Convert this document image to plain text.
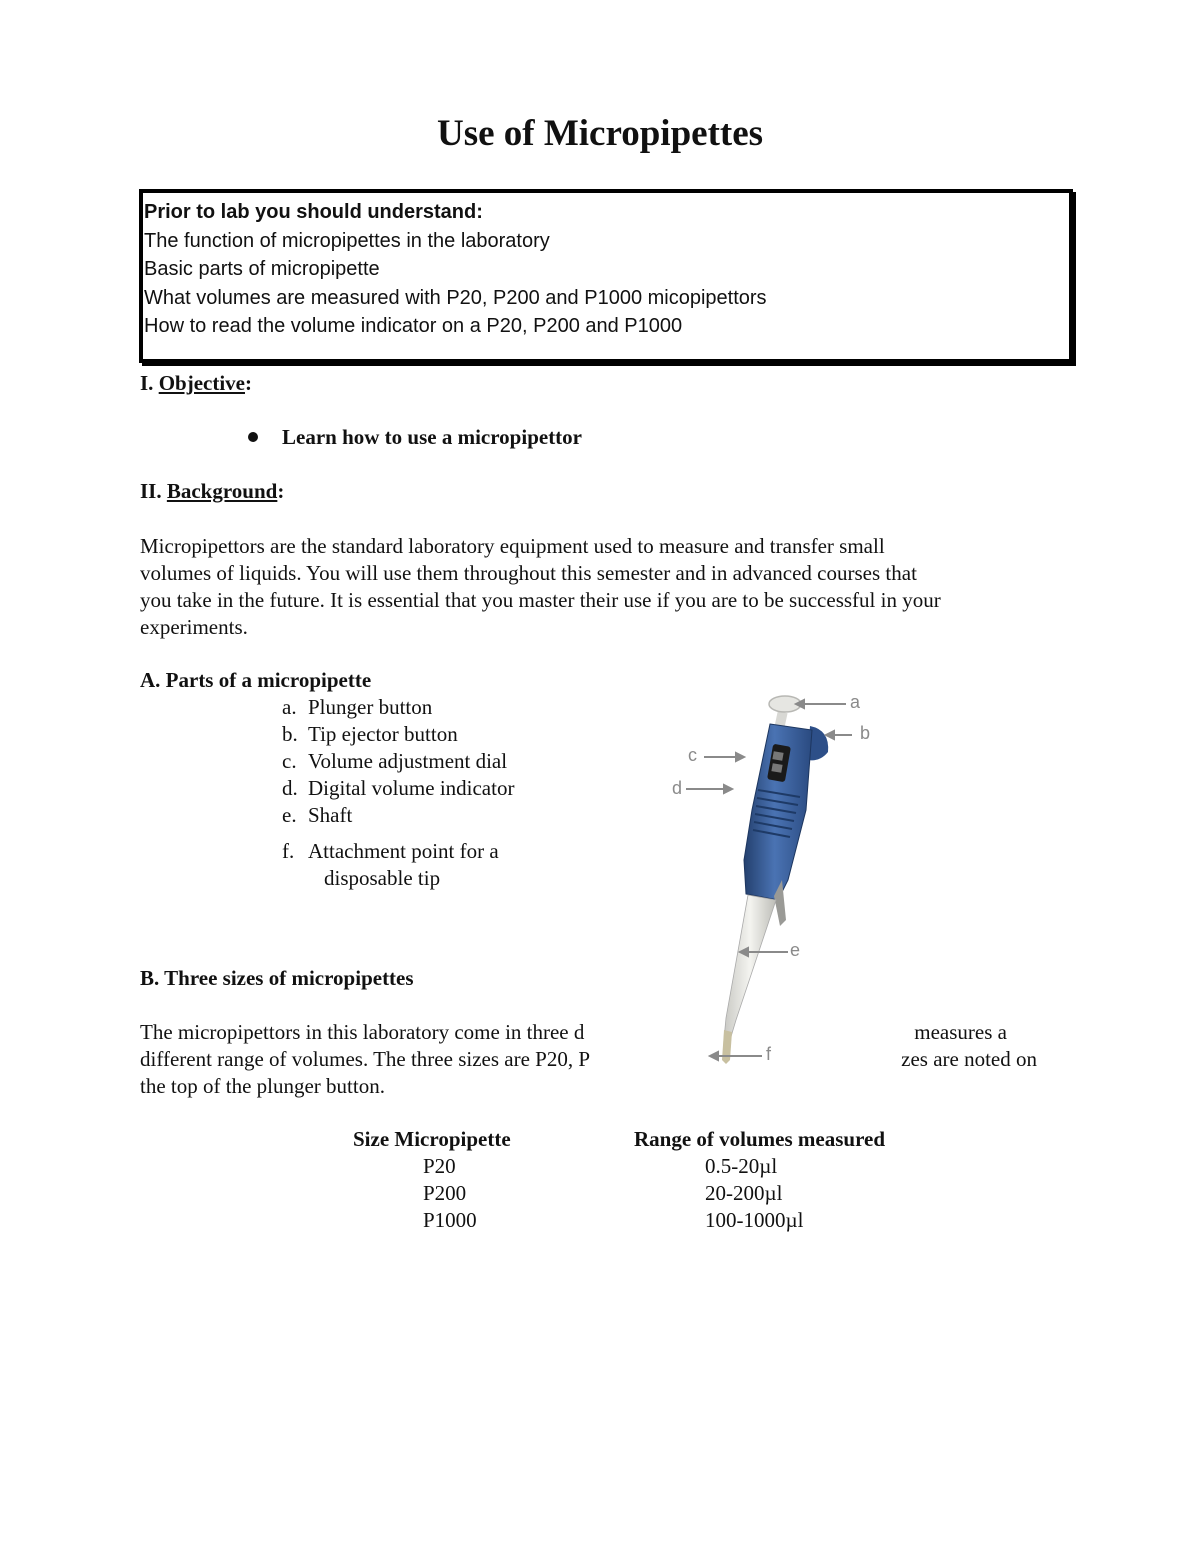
Use of Micropipettes
Prior to lab you should understand:
The function of micropipettes in the laboratory
Basic parts of micropipette
What volumes are measured with P20, P200 and P1000 micopipettors
How to read the volume indicator on a P20, P200 and P1000
I. Objective:
Learn how to use a micropipettor
II. Background:
Micropipettors are the standard laboratory equipment used to measure and transfer small
volumes of liquids. You will use them throughout this semester and in advanced courses that
you take in the future. It is essential that you master their use if you are to be successful in your
experiments.
A. Parts of a micropipette
a. Plunger button
b. Tip ejector button
c. Volume adjustment dial
d. Digital volume indicator
e. Shaft
f. Attachment point for a
disposable tip
B. Three sizes of micropipettes
The micropipettors in this laboratory come in three d	measures a
different range of volumes. The three sizes are P20, P	zes are noted on
the top of the plunger button.
a
b
c
d
e
f
Size Micropipette	Range of volumes measured
P20	0.5-20µl
P200	20-200µl
P1000	100-1000µl
